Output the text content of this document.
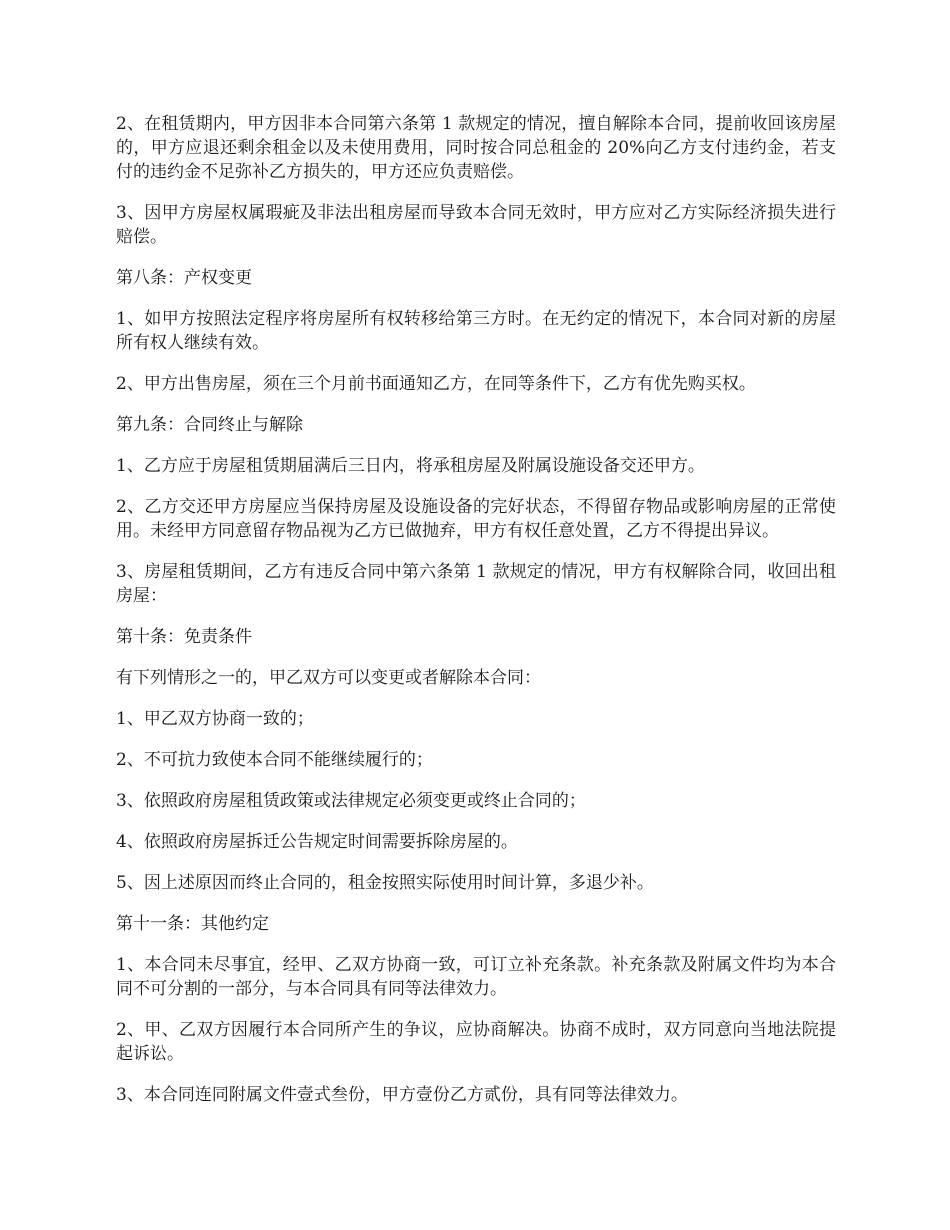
2、在租赁期内，甲方因非本合同第六条第 1 款规定的情况，擅自解除本合同，提前收回该房屋的，甲方应退还剩余租金以及未使用费用，同时按合同总租金的 20%向乙方支付违约金，若支付的违约金不足弥补乙方损失的，甲方还应负责赔偿。

3、因甲方房屋权属瑕疵及非法出租房屋而导致本合同无效时，甲方应对乙方实际经济损失进行赔偿。

第八条：产权变更

1、如甲方按照法定程序将房屋所有权转移给第三方时。在无约定的情况下，本合同对新的房屋所有权人继续有效。

2、甲方出售房屋，须在三个月前书面通知乙方，在同等条件下，乙方有优先购买权。

第九条：合同终止与解除

1、乙方应于房屋租赁期届满后三日内，将承租房屋及附属设施设备交还甲方。

2、乙方交还甲方房屋应当保持房屋及设施设备的完好状态，不得留存物品或影响房屋的正常使用。未经甲方同意留存物品视为乙方已做抛弃，甲方有权任意处置，乙方不得提出异议。

3、房屋租赁期间，乙方有违反合同中第六条第 1 款规定的情况，甲方有权解除合同，收回出租房屋：

第十条：免责条件

有下列情形之一的，甲乙双方可以变更或者解除本合同：

1、甲乙双方协商一致的；

2、不可抗力致使本合同不能继续履行的；

3、依照政府房屋租赁政策或法律规定必须变更或终止合同的；

4、依照政府房屋拆迁公告规定时间需要拆除房屋的。

5、因上述原因而终止合同的，租金按照实际使用时间计算，多退少补。

第十一条：其他约定

1、本合同未尽事宜，经甲、乙双方协商一致，可订立补充条款。补充条款及附属文件均为本合同不可分割的一部分，与本合同具有同等法律效力。

2、甲、乙双方因履行本合同所产生的争议，应协商解决。协商不成时，双方同意向当地法院提起诉讼。

3、本合同连同附属文件壹式叁份，甲方壹份乙方贰份，具有同等法律效力。
